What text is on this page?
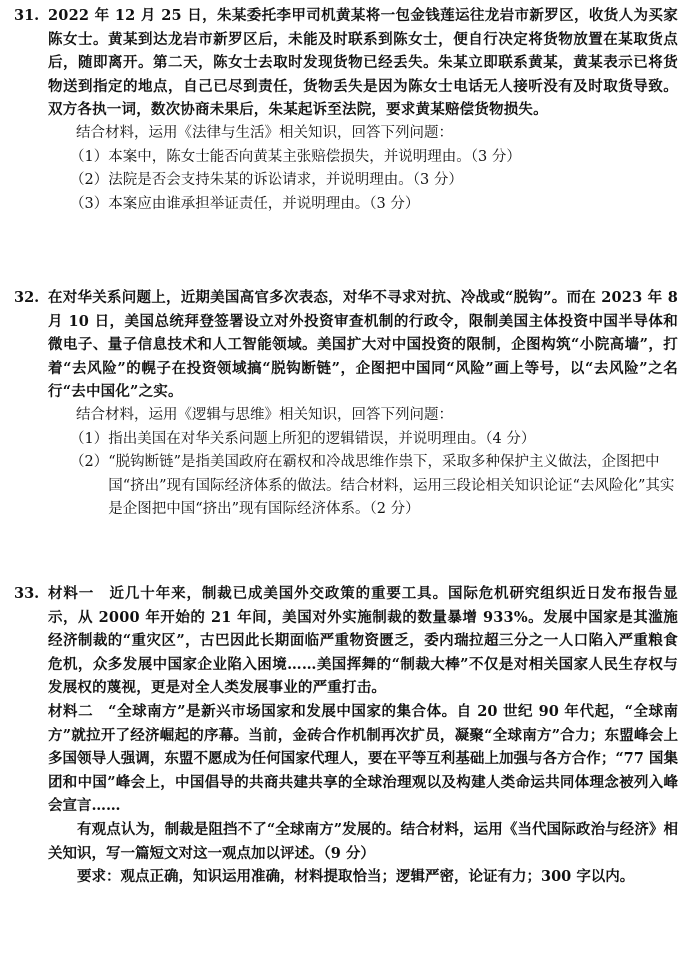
31. 2022 年 12 月 25 日，朱某委托李甲司机黄某将一包金钱莲运往龙岩市新罗区，收货人为买家陈女士。黄某到达龙岩市新罗区后，未能及时联系到陈女士，便自行决定将货物放置在某取货点后，随即离开。第二天，陈女士去取时发现货物已经丢失。朱某立即联系黄某，黄某表示已将货物送到指定的地点，自己已尽到责任，货物丢失是因为陈女士电话无人接听没有及时取货导致。双方各执一词，数次协商未果后，朱某起诉至法院，要求黄某赔偿货物损失。
结合材料，运用《法律与生活》相关知识，回答下列问题：
（1） 本案中，陈女士能否向黄某主张赔偿损失，并说明理由。（3 分）
（2） 法院是否会支持朱某的诉讼请求，并说明理由。（3 分）
（3） 本案应由谁承担举证责任，并说明理由。（3 分）
32. 在对华关系问题上，近期美国高官多次表态，对华不寻求对抗、冷战或“脱钩”。而在 2023 年 8 月 10 日，美国总统拜登签署设立对外投资审查机制的行政令，限制美国主体投资中国半导体和微电子、量子信息技术和人工智能领域。美国扩大对中国投资的限制，企图构筑“小院高墙”，打着“去风险”的幌子在投资领域搞“脱钩断链”，企图把中国同“风险”画上等号，以“去风险”之名行“去中国化”之实。
结合材料，运用《逻辑与思维》相关知识，回答下列问题：
（1） 指出美国在对华关系问题上所犯的逻辑错误，并说明理由。（4 分）
（2） “脱钩断链”是指美国政府在霸权和冷战思维作祟下，采取多种保护主义做法，企图把中国“挤出”现有国际经济体系的做法。结合材料，运用三段论相关知识论证“去风险化”其实是企图把中国“挤出”现有国际经济体系。（2 分）
33. 材料一　 近几十年来，制裁已成美国外交政策的重要工具。国际危机研究组织近日发布报告显示，从 2000 年开始的 21 年间，美国对外实施制裁的数量暴增 933%。发展中国家是其滥施经济制裁的“重灾区”，古巴因此长期面临严重物资匮乏，委内瑞拉超三分之一人口陷入严重粮食危机，众多发展中国家企业陷入困境……美国挥舞的“制裁大棒”不仅是对相关国家人民生存权与发展权的蔑视，更是对全人类发展事业的严重打击。
材料二　 “全球南方”是新兴市场国家和发展中国家的集合体。自 20 世纪 90 年代起，“全球南方”就拉开了经济崛起的序幕。当前，金砖合作机制再次扩员，凝聚“全球南方”合力；东盟峰会上多国领导人强调，东盟不愿成为任何国家代理人，要在平等互利基础上加强与各方合作；“77 国集团和中国”峰会上，中国倡导的共商共建共享的全球治理观以及构建人类命运共同体理念被列入峰会宣言……
有观点认为，制裁是阻挡不了“全球南方”发展的。结合材料，运用《当代国际政治与经济》相关知识，写一篇短文对这一观点加以评述。（9 分）
要求：观点正确，知识运用准确，材料提取恰当；逻辑严密，论证有力；300 字以内。
